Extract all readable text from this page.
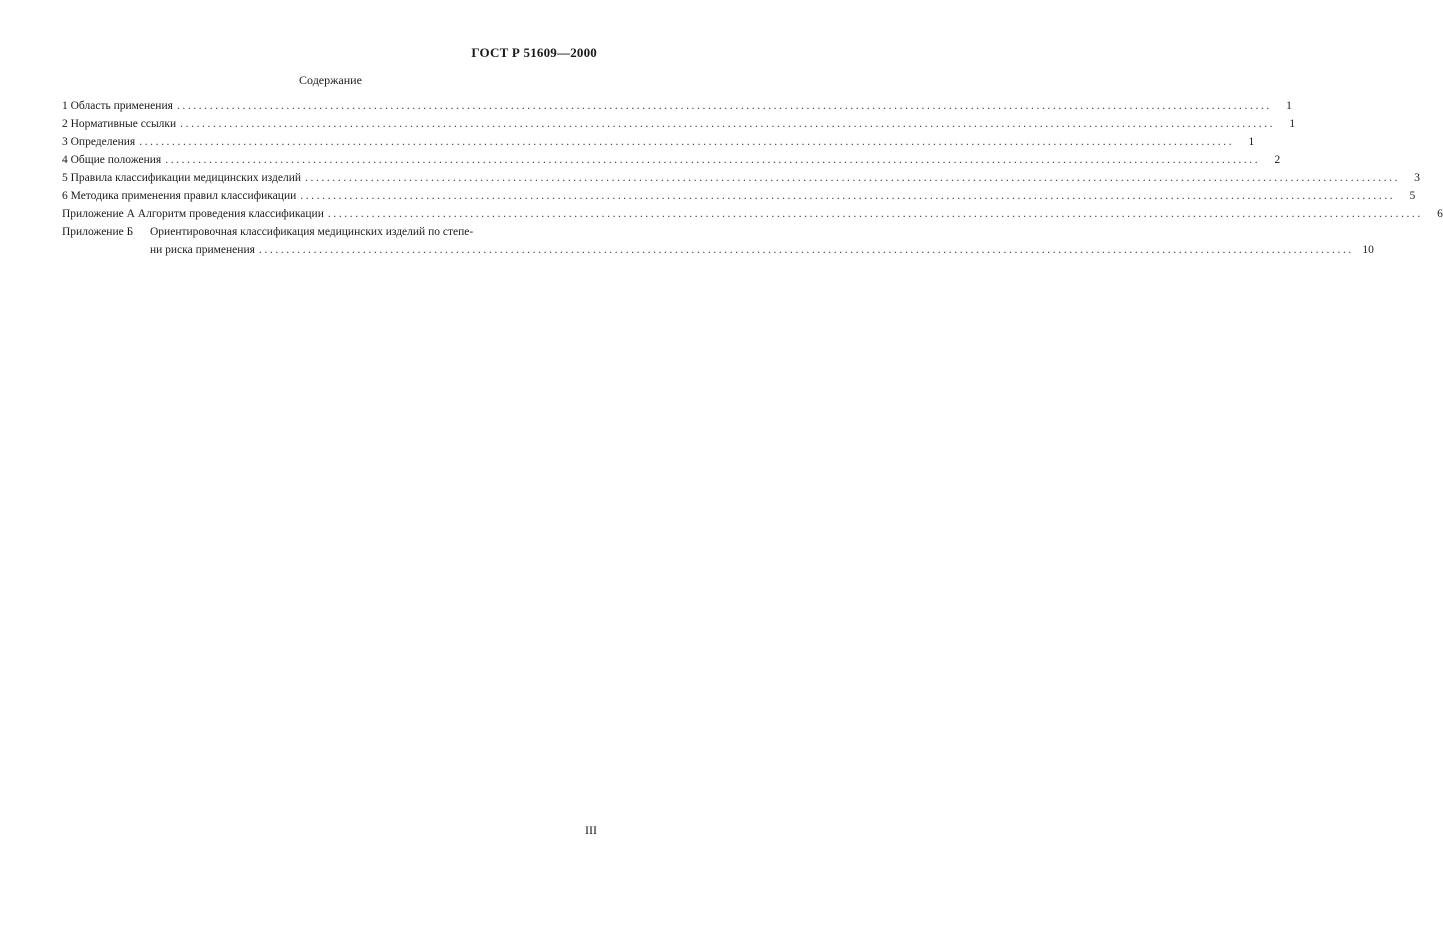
ГОСТ Р 51609—2000
Содержание
1 Область применения ........................................................................................................................................................................................................	1
2 Нормативные ссылки ........................................................................................................................................................................................................	1
3 Определения ........................................................................................................................................................................................................	1
4 Общие положения ........................................................................................................................................................................................................	2
5 Правила классификации медицинских изделий ........................................................................................................................................................................................................	3
6 Методика применения правил классификации ........................................................................................................................................................................................................	5
Приложение А Алгоритм проведения классификации ........................................................................................................................................................................................................	6
Приложение Б	Ориентировочная классификация медицинских изделий по степе-
ни риска применения ........................................................................................................................................................................................................ 10
III
